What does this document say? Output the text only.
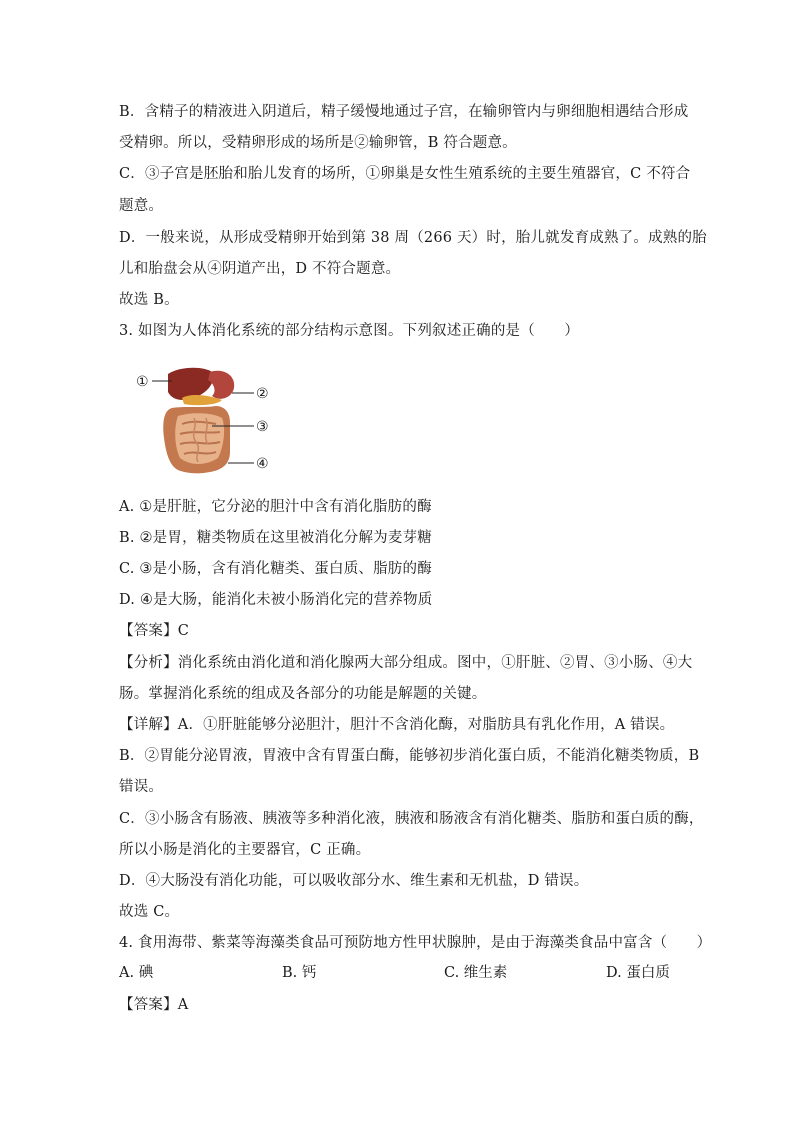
B．含精子的精液进入阴道后，精子缓慢地通过子宫，在输卵管内与卵细胞相遇结合形成
受精卵。所以，受精卵形成的场所是②输卵管，B 符合题意。
C．③子宫是胚胎和胎儿发育的场所，①卵巢是女性生殖系统的主要生殖器官，C 不符合
题意。
D．一般来说，从形成受精卵开始到第 38 周（266 天）时，胎儿就发育成熟了。成熟的胎
儿和胎盘会从④阴道产出，D 不符合题意。
故选 B。
3. 如图为人体消化系统的部分结构示意图。下列叙述正确的是（　　）
①
②
③
④
A. ①是肝脏，它分泌的胆汁中含有消化脂肪的酶
B. ②是胃，糖类物质在这里被消化分解为麦芽糖
C. ③是小肠，含有消化糖类、蛋白质、脂肪的酶
D. ④是大肠，能消化未被小肠消化完的营养物质
【答案】C
【分析】消化系统由消化道和消化腺两大部分组成。图中，①肝脏、②胃、③小肠、④大
肠。掌握消化系统的组成及各部分的功能是解题的关键。
【详解】A．①肝脏能够分泌胆汁，胆汁不含消化酶，对脂肪具有乳化作用，A 错误。
B．②胃能分泌胃液，胃液中含有胃蛋白酶，能够初步消化蛋白质，不能消化糖类物质，B
错误。
C．③小肠含有肠液、胰液等多种消化液，胰液和肠液含有消化糖类、脂肪和蛋白质的酶，
所以小肠是消化的主要器官，C 正确。
D．④大肠没有消化功能，可以吸收部分水、维生素和无机盐，D 错误。
故选 C。
4. 食用海带、紫菜等海藻类食品可预防地方性甲状腺肿，是由于海藻类食品中富含（　　）
A. 碘	B. 钙	C. 维生素	D. 蛋白质
【答案】A
